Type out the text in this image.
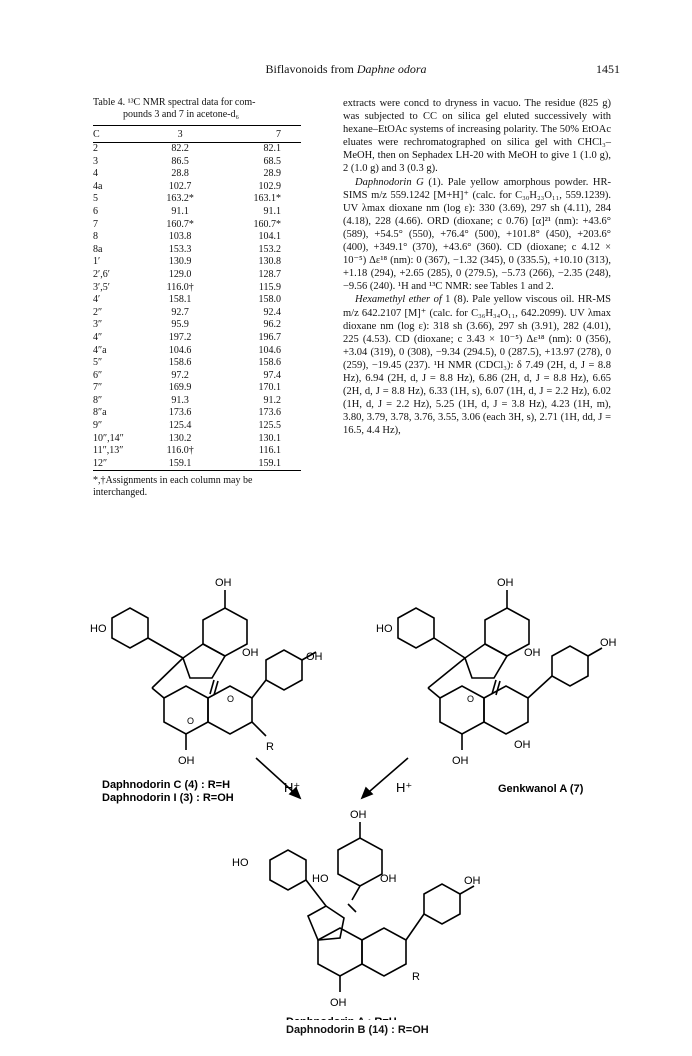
Biflavonoids from Daphne odora	1451
Table 4. ¹³C NMR spectral data for com-
pounds 3 and 7 in acetone-d₆
C	3	7
2	82.2	82.1
3	86.5	68.5
4	28.8	28.9
4a	102.7	102.9
5	163.2*	163.1*
6	91.1	91.1
7	160.7*	160.7*
8	103.8	104.1
8a	153.3	153.2
1′	130.9	130.8
2′,6′	129.0	128.7
3′,5′	116.0†	115.9
4′	158.1	158.0
2″	92.7	92.4
3″	95.9	96.2
4″	197.2	196.7
4″a	104.6	104.6
5″	158.6	158.6
6″	97.2	97.4
7″	169.9	170.1
8″	91.3	91.2
8″a	173.6	173.6
9″	125.4	125.5
10″,14″	130.2	130.1
11″,13″	116.0†	116.1
12″	159.1	159.1
*,†Assignments in each column may be interchanged.

extracts were concd to dryness in vacuo. The residue (825 g) was subjected to CC on silica gel eluted successively with hexane–EtOAc systems of increasing polarity. The 50% EtOAc eluates were rechromatographed on silica gel with CHCl₃–MeOH, then on Sephadex LH-20 with MeOH to give 1 (1.0 g), 2 (1.0 g) and 3 (0.3 g).

Daphnodorin G (1). Pale yellow amorphous powder. HR-SIMS m/z 559.1242 [M+H]⁺ (calc. for C₃₀H₂₃O₁₁, 559.1239). UV λmax dioxane nm (log ε): 330 (3.69), 297 sh (4.11), 284 (4.18), 228 (4.66). ORD (dioxane; c 0.76) [α]²¹ (nm): +43.6° (589), +54.5° (550), +76.4° (500), +101.8° (450), +203.6° (400), +349.1° (370), +43.6° (360). CD (dioxane; c 4.12 × 10⁻⁵) Δε¹⁸ (nm): 0 (367), −1.32 (345), 0 (335.5), +10.10 (313), +1.18 (294), +2.65 (285), 0 (279.5), −5.73 (266), −2.35 (248), −9.56 (240). ¹H and ¹³C NMR: see Tables 1 and 2.

Hexamethyl ether of 1 (8). Pale yellow viscous oil. HR-MS m/z 642.2107 [M]⁺ (calc. for C₃₆H₃₄O₁₁, 642.2099). UV λmax dioxane nm (log ε): 318 sh (3.66), 297 sh (3.91), 282 (4.01), 225 (4.53). CD (dioxane; c 3.43 × 10⁻⁵) Δε¹⁸ (nm): 0 (356), +3.04 (319), 0 (308), −9.34 (294.5), 0 (287.5), +13.97 (278), 0 (259), −19.45 (237). ¹H NMR (CDCl₃): δ 7.49 (2H, d, J = 8.8 Hz), 6.94 (2H, d, J = 8.8 Hz), 6.86 (2H, d, J = 8.8 Hz), 6.65 (2H, d, J = 8.8 Hz), 6.33 (1H, s), 6.07 (1H, d, J = 2.2 Hz), 6.02 (1H, d, J = 2.2 Hz), 5.25 (1H, d, J = 3.8 Hz), 4.23 (1H, m), 3.80, 3.79, 3.78, 3.76, 3.55, 3.06 (each 3H, s), 2.71 (1H, dd, J = 16.5, 4.4 Hz),

OH
HO
OH	OH
OH
R
H⁺
OH
HO
OH
OH
OH
OH
H⁺
OH
HO
HO	OH	OH
OH
R
O
O	O
Daphnodorin C (4) : R=H
Daphnodorin I (3) : R=OH
Genkwanol A (7)
Daphnodorin B (14) : R=OH
